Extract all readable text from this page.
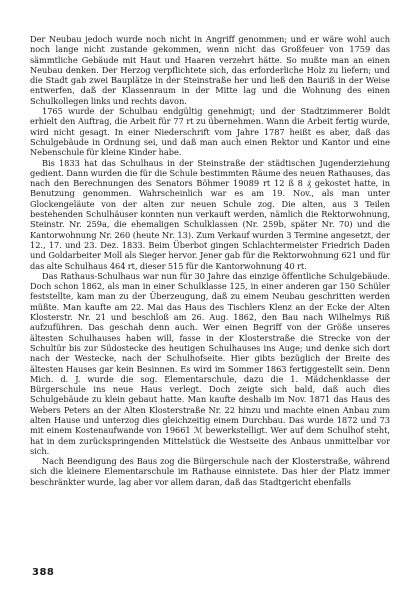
Der Neubau jedoch wurde noch nicht in Angriff genommen; und er wäre wohl auch noch lange nicht zustande gekommen, wenn nicht das Großfeuer von 1759 das sämmtliche Gebäude mit Haut und Haaren verzehrt hätte. So mußte man an einen Neubau denken. Der Herzog verpflichtete sich, das erforderliche Holz zu liefern; und die Stadt gab zwei Bauplätze in der Steinstraße her und ließ den Bauriß in der Weise entwerfen, daß der Klassenraum in der Mitte lag und die Wohnung des einen Schulkollegen links und rechts davon.

1765 wurde der Schulbau endgültig genehmigt; und der Stadtzimmerer Boldt erhielt den Auftrag, die Arbeit für 77 rt zu übernehmen. Wann die Arbeit fertig wurde, wird nicht gesagt. In einer Niederschrift vom Jahre 1787 heißt es aber, daß das Schulgebäude in Ordnung sei, und daß man auch einen Rektor und Kantor und eine Nebenschule für kleine Kinder habe.

Bis 1833 hat das Schulhaus in der Steinstraße der städtischen Jugenderziehung gedient. Dann wurden die für die Schule bestimmten Räume des neuen Rathauses, das nach den Berechnungen des Senators Böhmer 19089 rt 12 ß 8 ₰ gekostet hatte, in Benutzung genommen. Wahrscheinlich war es am 19. Nov., als man unter Glockengeläute von der alten zur neuen Schule zog. Die alten, aus 3 Teilen bestehenden Schulhäuser konnten nun verkauft werden, nämlich die Rektorwohnung, Steinstr. Nr. 259a, die ehemaligen Schulklassen (Nr. 259b, später Nr. 70) und die Kantorwohnung Nr. 260 (heute Nr. 13). Zum Verkauf wurden 3 Termine angesetzt, der 12., 17. und 23. Dez. 1833. Beim Überbot gingen Schlachtermeister Friedrich Daden und Goldarbeiter Moll als Sieger hervor. Jener gab für die Rektorwohnung 621 und für das alte Schulhaus 464 rt, dieser 515 für die Kantorwohnung 40 rt.

Das Rathaus-Schulhaus war nun für 30 Jahre das einzige öffentliche Schulgebäude. Doch schon 1862, als man in einer Schulklasse 125, in einer anderen gar 150 Schüler feststellte, kam man zu der Überzeugung, daß zu einem Neubau geschritten werden müßte. Man kaufte am 22. Mai das Haus des Tischlers Klenz an der Ecke der Alten Klosterstr. Nr. 21 und beschloß am 26. Aug. 1862, den Bau nach Wilhelmys Riß aufzuführen. Das geschah denn auch. Wer einen Begriff von der Größe unseres ältesten Schulhauses haben will, fasse in der Klosterstraße die Strecke von der Schultür bis zur Südostecke des heutigen Schulhauses ins Auge; und denke sich dort nach der Westecke, nach der Schulhofseite. Hier gibts bezüglich der Breite des ältesten Hauses gar kein Besinnen. Es wird im Sommer 1863 fertiggestellt sein. Denn Mich. d. J. wurde die sog. Elementarschule, dazu die 1. Mädchenklasse der Bürgerschule ins neue Haus verlegt. Doch zeigte sich bald, daß auch dies Schulgebäude zu klein gebaut hatte. Man kaufte deshalb im Nov. 1871 das Haus des Webers Peters an der Alten Klosterstraße Nr. 22 hinzu und machte einen Anbau zum alten Hause und unterzog dies gleichzeitig einem Durchbau. Das wurde 1872 und 73 mit einem Kostenaufwande von 19661 ℳ bewerkstelligt. Wer auf dem Schulhof steht, hat in dem zurückspringenden Mittelstück die Westseite des Anbaus unmittelbar vor sich.

Nach Beendigung des Baus zog die Bürgerschule nach der Klosterstraße, während sich die kleinere Elementarschule im Rathause einnistete. Das hier der Platz immer beschränkter wurde, lag aber vor allem daran, daß das Stadtgericht ebenfalls

388
